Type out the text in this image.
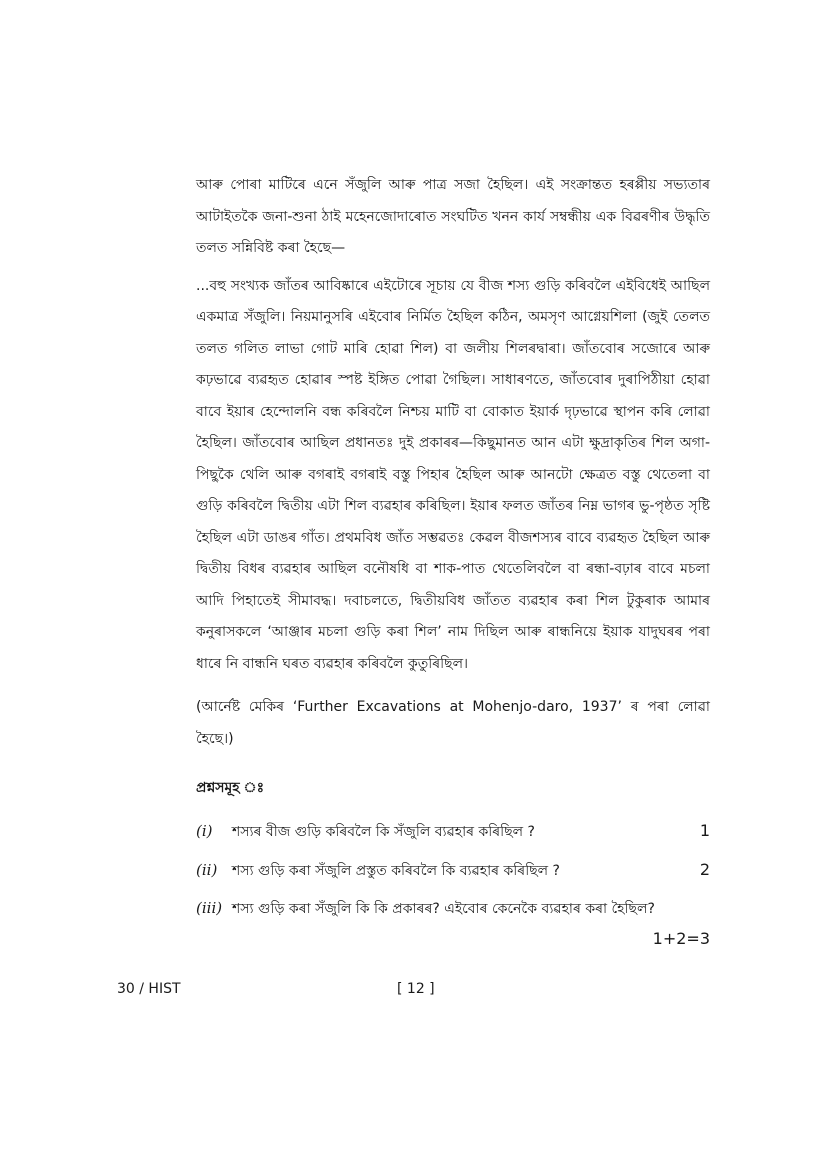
আৰু পোৰা মাটিৰে এনে সঁজুলি আৰু পাত্ৰ সজা হৈছিল। এই সংক্ৰান্তত হৰপ্পীয় সভ্যতাৰ আটাইতকৈ জনা-শুনা ঠাই মহেনজোদাৰোত সংঘটিত খনন কাৰ্য সম্বন্ধীয় এক বিৱৰণীৰ উদ্ধৃতি তলত সন্নিবিষ্ট কৰা হৈছে—

...বহু সংখ্যক জাঁতৰ আবিষ্কাৰে এইটোৰে সূচায় যে বীজ শস্য গুড়ি কৰিবলৈ এইবিধেই আছিল একমাত্ৰ সঁজুলি। নিয়মানুসৰি এইবোৰ নিৰ্মিত হৈছিল কঠিন, অমসৃণ আগ্নেয়শিলা (জুই তেলত তলত গলিত লাভা গোট মাৰি হোৱা শিল) বা জলীয় শিলৰদ্বাৰা। জাঁতবোৰ সজোৰে আৰু কঢ়ভাৱে ব্যৱহৃত হোৱাৰ স্পষ্ট ইঙ্গিত পোৱা গৈছিল। সাধাৰণতে, জাঁতবোৰ দুৰাপিঠীয়া হোৱা বাবে ইয়াৰ হেন্দোলনি বন্ধ কৰিবলৈ নিশ্চয় মাটি বা বোকাত ইয়াৰ্ক দৃঢ়ভাৱে স্থাপন কৰি লোৱা হৈছিল। জাঁতবোৰ আছিল প্ৰধানতঃ দুই প্ৰকাৰৰ—কিছুমানত আন এটা ক্ষুদ্ৰাকৃতিৰ শিল অগা-পিছুকৈ থেলি আৰু বগৰাই বগৰাই বস্তু পিহাৰ হৈছিল আৰু আনটো ক্ষেত্ৰত বস্তু থেতেলা বা গুড়ি কৰিবলৈ দ্বিতীয় এটা শিল ব্যৱহাৰ কৰিছিল। ইয়াৰ ফলত জাঁতৰ নিম্ন ভাগৰ ভু-পৃষ্ঠত সৃষ্টি হৈছিল এটা ডাঙৰ গাঁত। প্ৰথমবিধ জাঁত সম্ভৱতঃ কেৱল বীজশস্যৰ বাবে ব্যৱহৃত হৈছিল আৰু দ্বিতীয় বিধৰ ব্যৱহাৰ আছিল বনৌষধি বা শাক-পাত থেতেলিবলৈ বা ৰন্ধা-বঢ়াৰ বাবে মচলা আদি পিহাতেই সীমাবদ্ধ। দবাচলতে, দ্বিতীয়বিধ জাঁতত ব্যৱহাৰ কৰা শিল টুকুৰাক আমাৰ কনুৰাসকলে ‘আঞ্জাৰ মচলা গুড়ি কৰা শিল’ নাম দিছিল আৰু ৰান্ধনিয়ে ইয়াক যাদুঘৰৰ পৰা ধাৰে নি বান্ধনি ঘৰত ব্যৱহাৰ কৰিবলৈ কুতুৰিছিল।

(আৰ্নেষ্ট মেকিৰ ‘Further Excavations at Mohenjo-daro, 1937’ ৰ পৰা লোৱা হৈছে।)

প্ৰশ্নসমূহ ঃ
(i)	শস্যৰ বীজ গুড়ি কৰিবলৈ কি সঁজুলি ব্যৱহাৰ কৰিছিল ?	1
(ii)	শস্য গুড়ি কৰা সঁজুলি প্ৰস্তুত কৰিবলৈ কি ব্যৱহাৰ কৰিছিল ?	2
(iii) শস্য গুড়ি কৰা সঁজুলি কি কি প্ৰকাৰৰ? এইবোৰ কেনেকৈ ব্যৱহাৰ কৰা হৈছিল?
1+2=3
30 / HIST	[ 12 ]
